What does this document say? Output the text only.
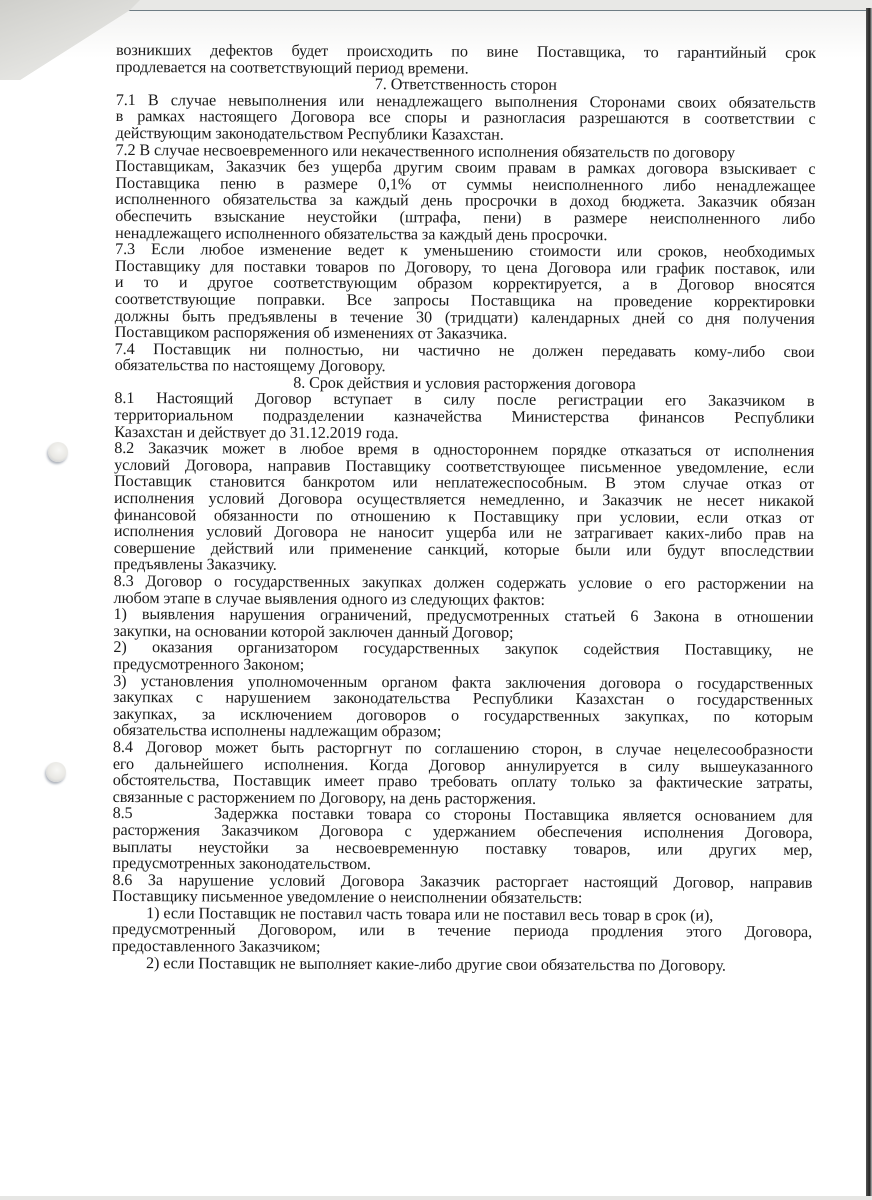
возникших дефектов будет происходить по вине Поставщика, то гарантийный срок
продлевается на соответствующий период времени.

7. Ответственность сторон

7.1 В случае невыполнения или ненадлежащего выполнения Сторонами своих обязательств
в рамках настоящего Договора все споры и разногласия разрешаются в соответствии с
действующим законодательством Республики Казахстан.

7.2 В случае несвоевременного или некачественного исполнения обязательств по договору
Поставщикам, Заказчик без ущерба другим своим правам в рамках договора взыскивает с
Поставщика пеню в размере 0,1% от суммы неисполненного либо ненадлежащее
исполненного обязательства за каждый день просрочки в доход бюджета. Заказчик обязан
обеспечить взыскание неустойки (штрафа, пени) в размере неисполненного либо
ненадлежащего исполненного обязательства за каждый день просрочки.

7.3 Если любое изменение ведет к уменьшению стоимости или сроков, необходимых
Поставщику для поставки товаров по Договору, то цена Договора или график поставок, или
и то и другое соответствующим образом корректируется, а в Договор вносятся
соответствующие поправки. Все запросы Поставщика на проведение корректировки
должны быть предъявлены в течение 30 (тридцати) календарных дней со дня получения
Поставщиком распоряжения об изменениях от Заказчика.

7.4 Поставщик ни полностью, ни частично не должен передавать кому-либо свои
обязательства по настоящему Договору.

8. Срок действия и условия расторжения договора

8.1 Настоящий Договор вступает в силу после регистрации его Заказчиком в
территориальном подразделении казначейства Министерства финансов Республики
Казахстан и действует до 31.12.2019 года.

8.2 Заказчик может в любое время в одностороннем порядке отказаться от исполнения
условий Договора, направив Поставщику соответствующее письменное уведомление, если
Поставщик становится банкротом или неплатежеспособным. В этом случае отказ от
исполнения условий Договора осуществляется немедленно, и Заказчик не несет никакой
финансовой обязанности по отношению к Поставщику при условии, если отказ от
исполнения условий Договора не наносит ущерба или не затрагивает каких-либо прав на
совершение действий или применение санкций, которые были или будут впоследствии
предъявлены Заказчику.

8.3 Договор о государственных закупках должен содержать условие о его расторжении на
любом этапе в случае выявления одного из следующих фактов:

1) выявления нарушения ограничений, предусмотренных статьей 6 Закона в отношении
закупки, на основании которой заключен данный Договор;

2) оказания организатором государственных закупок содействия Поставщику, не
предусмотренного Законом;

3) установления уполномоченным органом факта заключения договора о государственных
закупках с нарушением законодательства Республики Казахстан о государственных
закупках, за исключением договоров о государственных закупках, по которым
обязательства исполнены надлежащим образом;

8.4 Договор может быть расторгнут по соглашению сторон, в случае нецелесообразности
его дальнейшего исполнения. Когда Договор аннулируется в силу вышеуказанного
обстоятельства, Поставщик имеет право требовать оплату только за фактические затраты,
связанные с расторжением по Договору, на день расторжения.

8.5      Задержка поставки товара со стороны Поставщика является основанием для
расторжения Заказчиком Договора с удержанием обеспечения исполнения Договора,
выплаты неустойки за несвоевременную поставку товаров, или других мер,
предусмотренных законодательством.

8.6 За нарушение условий Договора Заказчик расторгает настоящий Договор, направив
Поставщику письменное уведомление о неисполнении обязательств:

1) если Поставщик не поставил часть товара или не поставил весь товар в срок (и),
предусмотренный Договором, или в течение периода продления этого Договора,
предоставленного Заказчиком;

2) если Поставщик не выполняет какие-либо другие свои обязательства по Договору.
